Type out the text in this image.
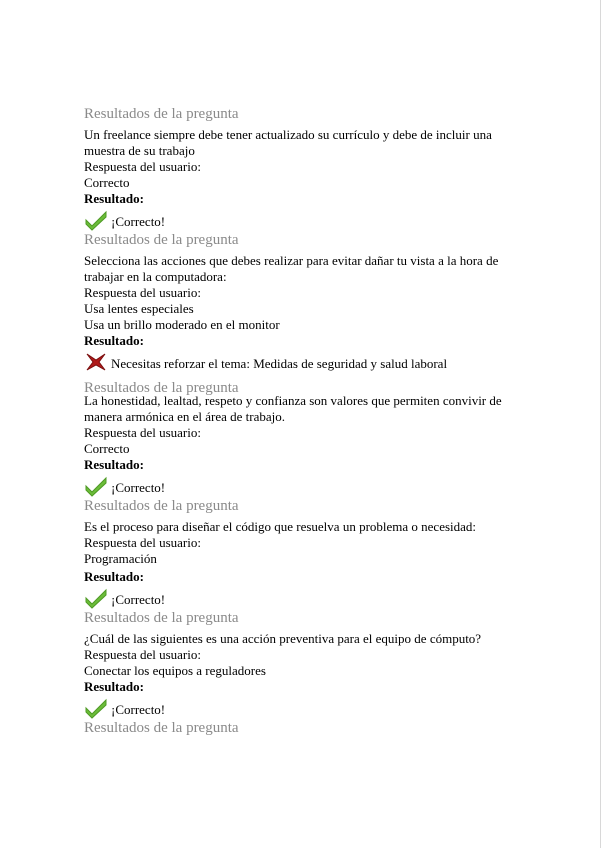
Resultados de la pregunta
Un freelance siempre debe tener actualizado su currículo y debe de incluir una muestra de su trabajo
Respuesta del usuario:
Correcto
Resultado:
¡Correcto!
Resultados de la pregunta
Selecciona las acciones que debes realizar para evitar dañar tu vista a la hora de trabajar en la computadora:
Respuesta del usuario:
Usa lentes especiales
Usa un brillo moderado en el monitor
Resultado:
Necesitas reforzar el tema: Medidas de seguridad y salud laboral
Resultados de la pregunta
La honestidad, lealtad, respeto y confianza son valores que permiten convivir de manera armónica en el área de trabajo.
Respuesta del usuario:
Correcto
Resultado:
¡Correcto!
Resultados de la pregunta
Es el proceso para diseñar el código que resuelva un problema o necesidad:
Respuesta del usuario:
Programación
Resultado:
¡Correcto!
Resultados de la pregunta
¿Cuál de las siguientes es una acción preventiva para el equipo de cómputo?
Respuesta del usuario:
Conectar los equipos a reguladores
Resultado:
¡Correcto!
Resultados de la pregunta
